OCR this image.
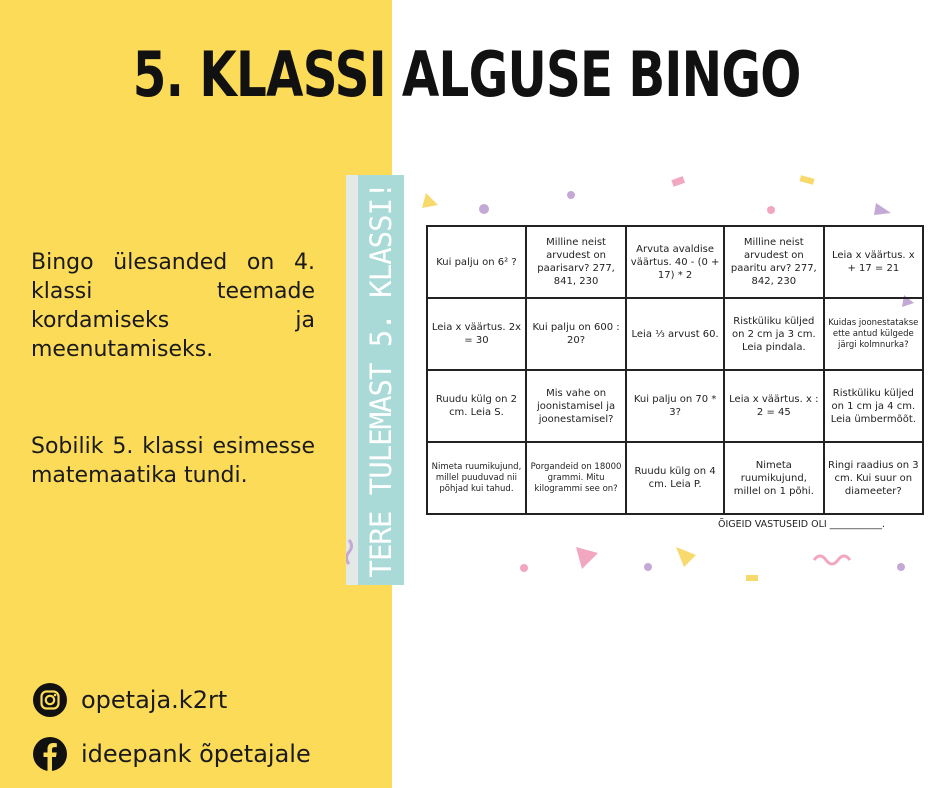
5. KLASSI ALGUSE BINGO
Bingo ülesanded on 4. klassi teemade kordamiseks ja meenutamiseks.
Sobilik 5. klassi esimesse matemaatika tundi.	TERE TULEMAST 5. KLASSI!	Kui palju on 6² ?	Milline neist arvudest on paarisarv? 277, 841, 230	Arvuta avaldise väärtus. 40 - (0 + 17) * 2	Milline neist arvudest on paaritu arv? 277, 842, 230	Leia x väärtus. x + 17 = 21
Leia x väärtus. 2x = 30	Kui palju on 600 : 20?	Leia ⅓ arvust 60.	Ristküliku küljed on 2 cm ja 3 cm. Leia pindala.	Kuidas joonestatakse ette antud külgede järgi kolmnurka?
Ruudu külg on 2 cm. Leia S.	Mis vahe on joonistamisel ja joonestamisel?	Kui palju on 70 * 3?	Leia x väärtus. x : 2 = 45	Ristküliku küljed on 1 cm ja 4 cm. Leia ümbermõõt.
Nimeta ruumikujund, millel puuduvad nii põhjad kui tahud.	Porgandeid on 18000 grammi. Mitu kilogrammi see on?	Ruudu külg on 4 cm. Leia P.	Nimeta ruumikujund, millel on 1 põhi.	Ringi raadius on 3 cm. Kui suur on diameeter?
ÕIGEID VASTUSEID OLI ___________.
opetaja.k2rt
ideepank õpetajale
